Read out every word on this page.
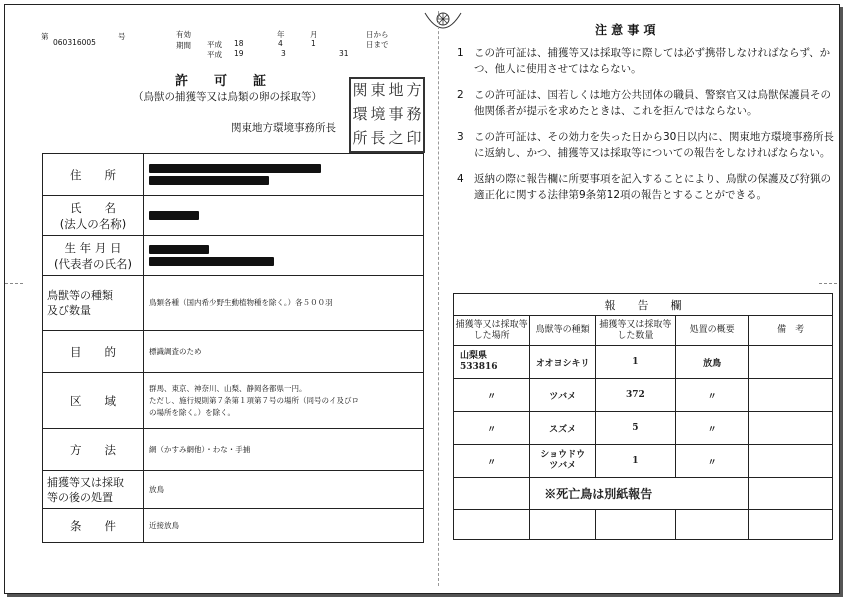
第
060316005
号	有効
期間 平成 18
年
4
月
1
日から
平成 19	3	31
日まで
許　　可　　証
（鳥獣の捕獲等又は鳥類の卵の採取等）
関東地方環境事務所長
関 東 地 方
環 境 事 務
所 長 之 印
住　　所	

氏　　名
(法人の名称)	

生 年 月 日
(代表者の氏名)	

鳥獣等の種類
及び数量	鳥類各種（国内希少野生動植物種を除く。）各５００羽
目　　的	標識調査のため
区　　域	群馬、東京、神奈川、山梨、静岡各都県一円。
ただし、施行規則第７条第１項第７号の場所（同号のイ及びロ
の場所を除く。）を除く。
方　　法	網（かすみ網他）・わな・手捕
捕獲等又は採取
等の後の処置	放鳥
条　　件	近接放鳥
注 意 事 項
1 この許可証は、捕獲等又は採取等に際しては必ず携帯しなければならず、かつ、他人に使用させてはならない。
2 この許可証は、国若しくは地方公共団体の職員、警察官又は鳥獣保護員その他関係者が提示を求めたときは、これを拒んではならない。
3 この許可証は、その効力を失った日から30日以内に、関東地方環境事務所長に返納し、かつ、捕獲等又は採取等についての報告をしなければならない。
4 返納の際に報告欄に所要事項を記入することにより、鳥獣の保護及び狩猟の適正化に関する法律第9条第12項の報告とすることができる。
報　　告　　欄				
捕獲等又は採取等した場所	鳥獣等の種類	捕獲等又は採取等した数量	処置の概要	備　考
山梨県
533816	オオヨシキリ	1	放鳥	
〃	ツバメ	372	〃	
〃	スズメ	5	〃	
〃	ショウドウ
ツバメ	1	〃	
	※死亡鳥は別紙報告			
